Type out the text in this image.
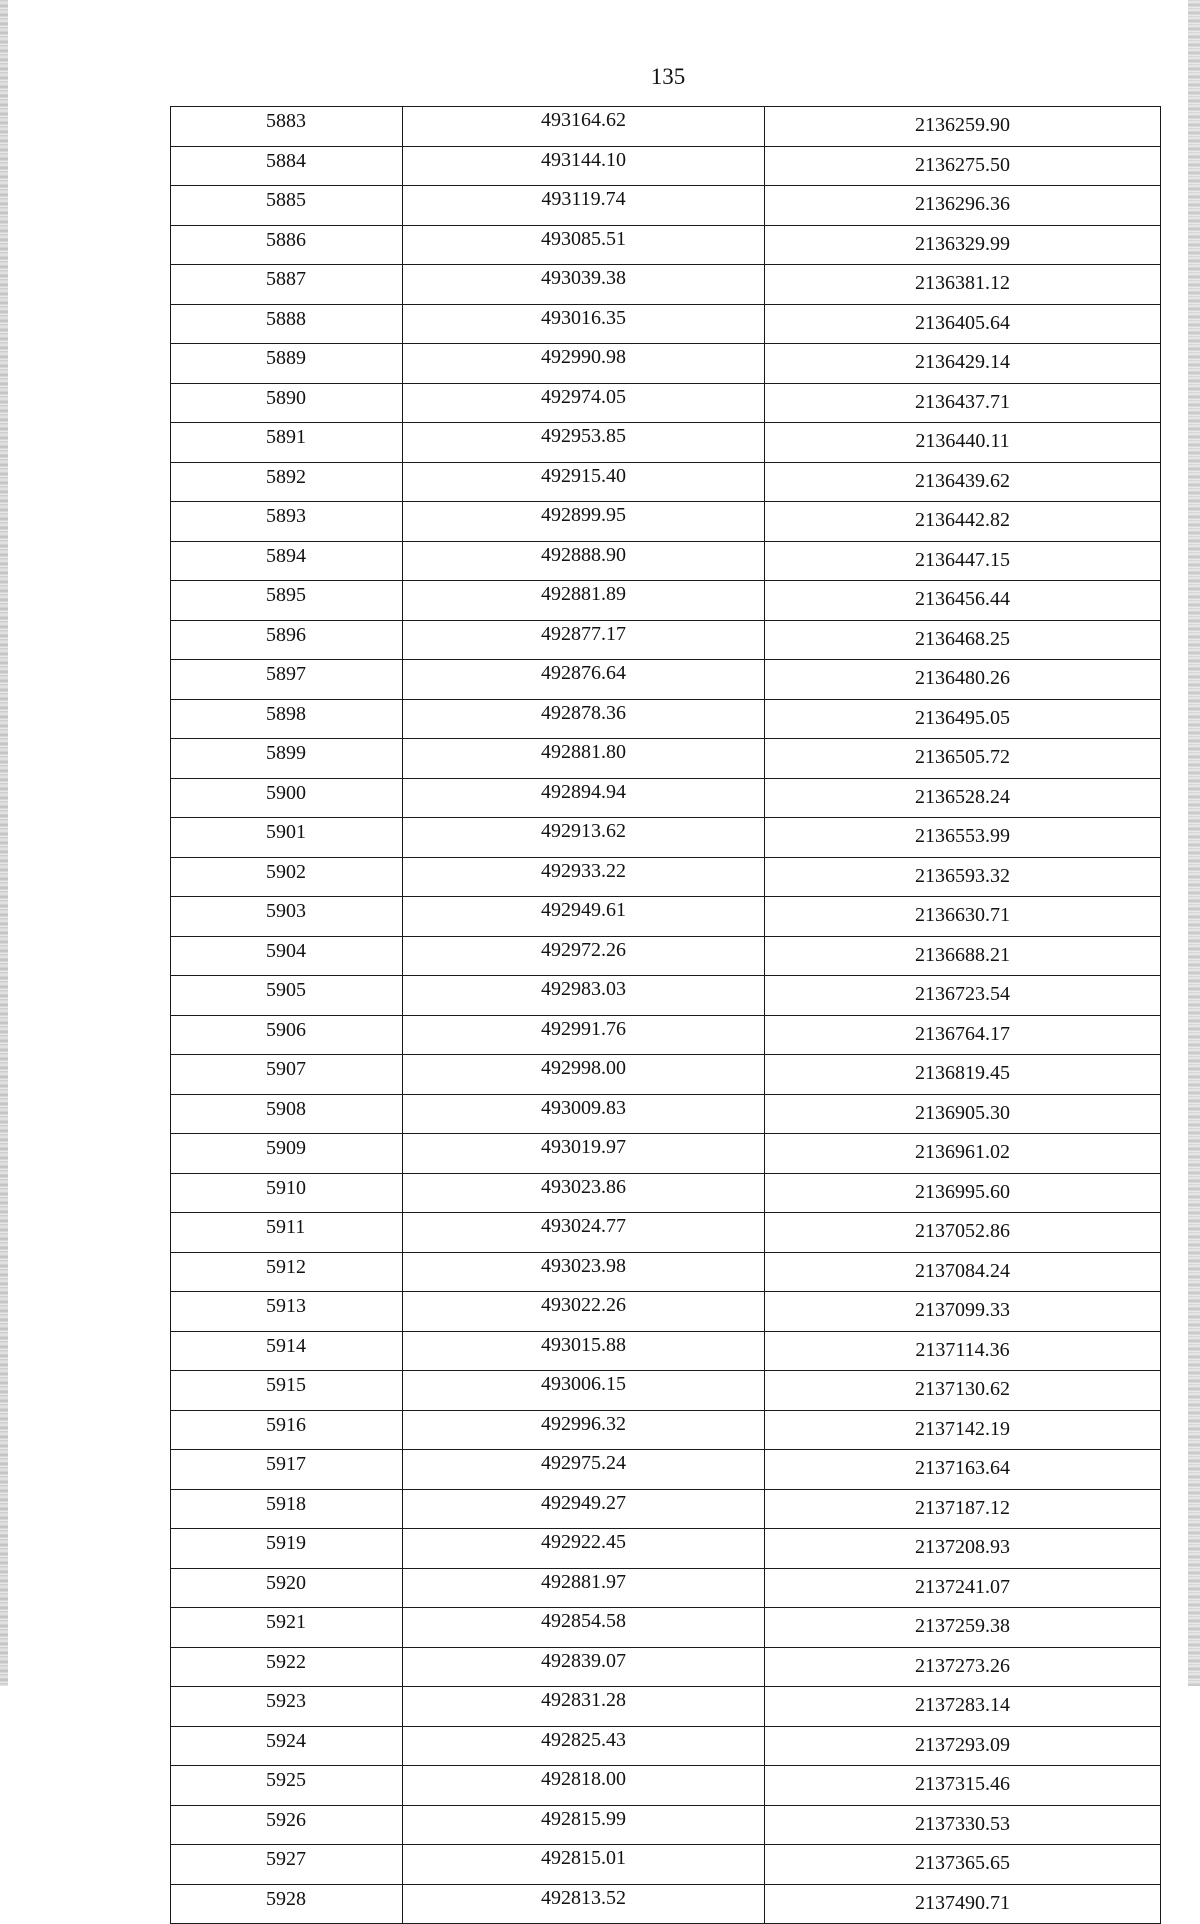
135
5883	493164.62	2136259.90
5884	493144.10	2136275.50
5885	493119.74	2136296.36
5886	493085.51	2136329.99
5887	493039.38	2136381.12
5888	493016.35	2136405.64
5889	492990.98	2136429.14
5890	492974.05	2136437.71
5891	492953.85	2136440.11
5892	492915.40	2136439.62
5893	492899.95	2136442.82
5894	492888.90	2136447.15
5895	492881.89	2136456.44
5896	492877.17	2136468.25
5897	492876.64	2136480.26
5898	492878.36	2136495.05
5899	492881.80	2136505.72
5900	492894.94	2136528.24
5901	492913.62	2136553.99
5902	492933.22	2136593.32
5903	492949.61	2136630.71
5904	492972.26	2136688.21
5905	492983.03	2136723.54
5906	492991.76	2136764.17
5907	492998.00	2136819.45
5908	493009.83	2136905.30
5909	493019.97	2136961.02
5910	493023.86	2136995.60
5911	493024.77	2137052.86
5912	493023.98	2137084.24
5913	493022.26	2137099.33
5914	493015.88	2137114.36
5915	493006.15	2137130.62
5916	492996.32	2137142.19
5917	492975.24	2137163.64
5918	492949.27	2137187.12
5919	492922.45	2137208.93
5920	492881.97	2137241.07
5921	492854.58	2137259.38
5922	492839.07	2137273.26
5923	492831.28	2137283.14
5924	492825.43	2137293.09
5925	492818.00	2137315.46
5926	492815.99	2137330.53
5927	492815.01	2137365.65
5928	492813.52	2137490.71
